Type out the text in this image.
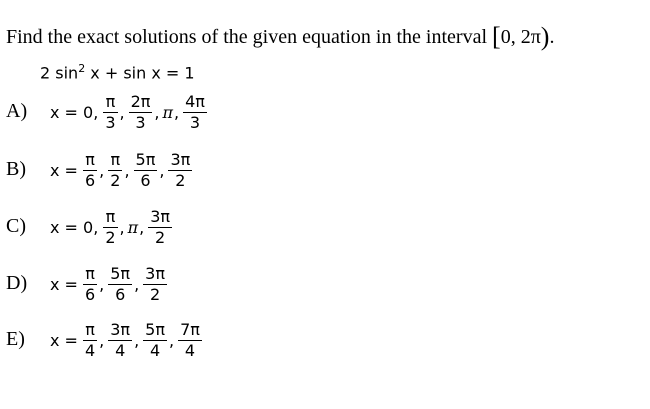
Find the exact solutions of the given equation in the interval [0, 2π).
2 $\sin^2 x + \sin x = 1$
A) x = 0, $\frac{\pi}{3}$ , $\frac{2\pi}{3}$ , π , $\frac{4\pi}{3}$
B) $x = \frac{\pi}{6}$ , $\frac{\pi}{2}$ , $\frac{5\pi}{6}$ , $\frac{3\pi}{2}$
C) x = 0, $\frac{\pi}{2}$ , π , $\frac{3\pi}{2}$
D) $x = \frac{\pi}{6}$ , $\frac{5\pi}{6}$ , $\frac{3\pi}{2}$
E) $x = \frac{\pi}{4}$ , $\frac{3\pi}{4}$ , $\frac{5\pi}{4}$ , $\frac{7\pi}{4}$
